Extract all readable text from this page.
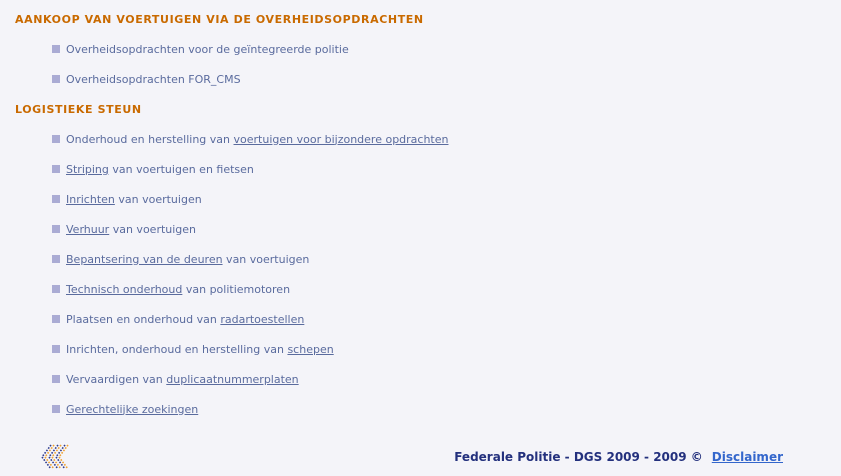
AANKOOP VAN VOERTUIGEN VIA DE OVERHEIDSOPDRACHTEN
Overheidsopdrachten voor de geïntegreerde politie
Overheidsopdrachten FOR_CMS
LOGISTIEKE STEUN
Onderhoud en herstelling van voertuigen voor bijzondere opdrachten
Striping van voertuigen en fietsen
Inrichten van voertuigen
Verhuur van voertuigen
Bepantsering van de deuren van voertuigen
Technisch onderhoud van politiemotoren
Plaatsen en onderhoud van radartoestellen
Inrichten, onderhoud en herstelling van schepen
Vervaardigen van duplicaatnummerplaten
Gerechtelijke zoekingen
Federale Politie - DGS 2009 - 2009 © Disclaimer
